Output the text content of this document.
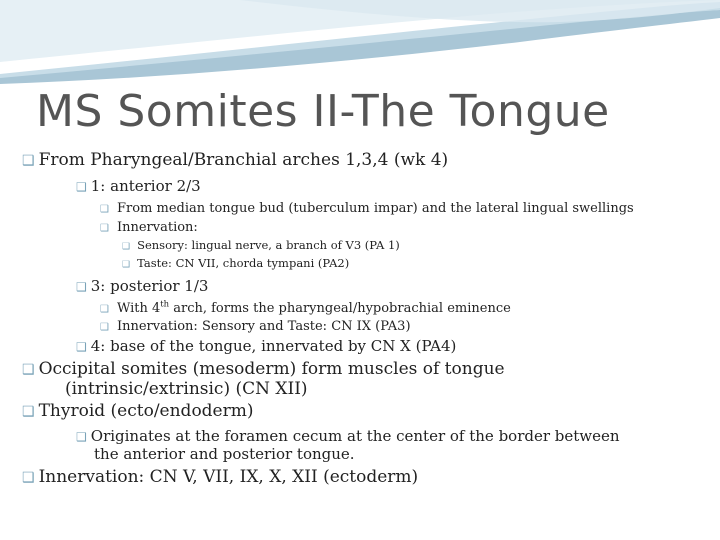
MS Somites II-The Tongue
❑ From Pharyngeal/Branchial arches 1,3,4 (wk 4)
❑ 1: anterior 2/3
❑ From median tongue bud (tuberculum impar) and the lateral lingual swellings
❑ Innervation:
❑ Sensory: lingual nerve, a branch of V3 (PA 1)
❑ Taste: CN VII, chorda tympani (PA2)
❑ 3: posterior 1/3
❑ With 4th arch, forms the pharyngeal/hypobrachial eminence
❑ Innervation: Sensory and Taste: CN IX (PA3)
❑ 4: base of the tongue, innervated by CN X (PA4)
❑ Occipital somites (mesoderm) form muscles of tongue
(intrinsic/extrinsic) (CN XII)
❑ Thyroid (ecto/endoderm)
❑ Originates at the foramen cecum at the center of the border between
the anterior and posterior tongue.
❑ Innervation: CN V, VII, IX, X, XII (ectoderm)
